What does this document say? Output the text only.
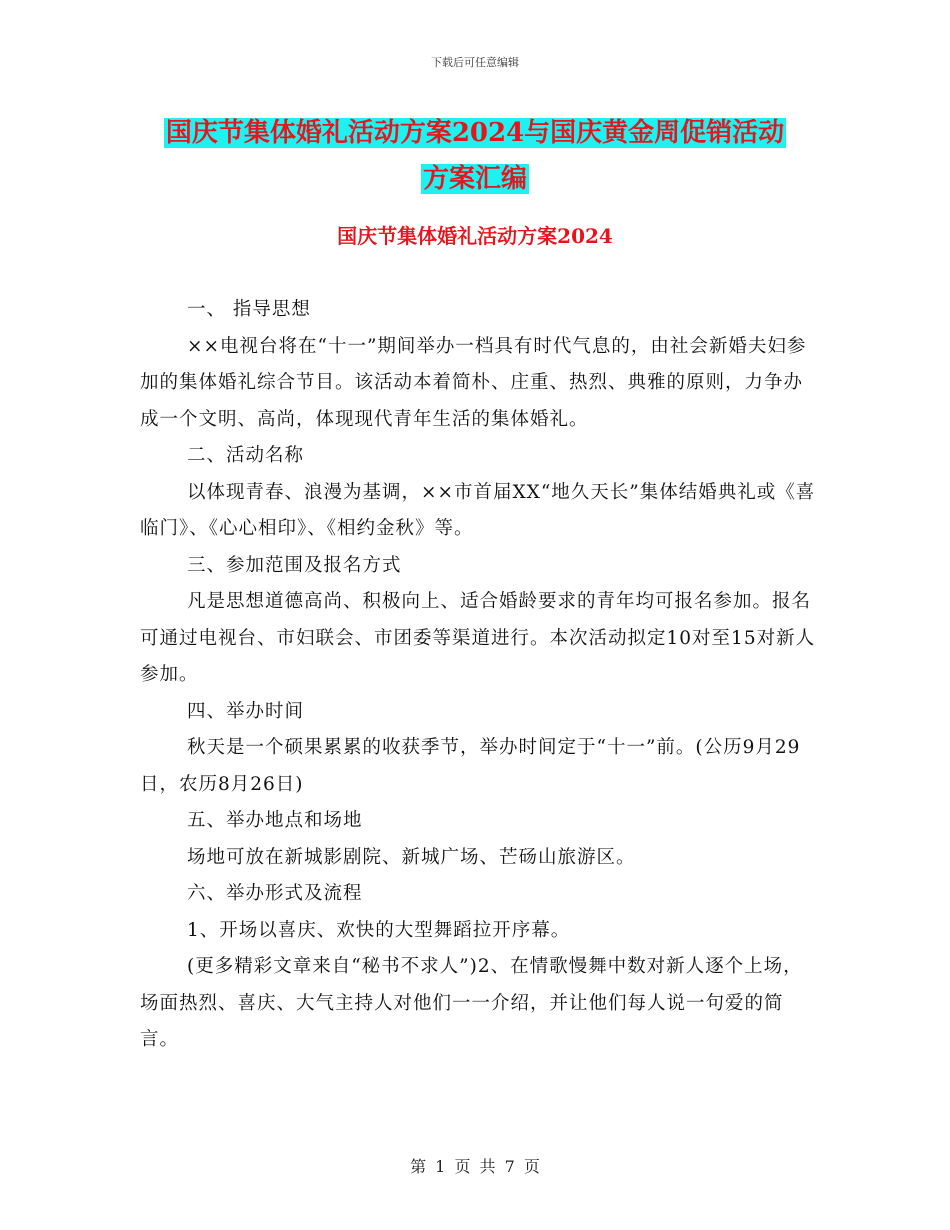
下载后可任意编辑
国庆节集体婚礼活动方案2024与国庆黄金周促销活动
方案汇编
国庆节集体婚礼活动方案2024

一、 指导思想

××电视台将在“十一”期间举办一档具有时代气息的，由社会新婚夫妇参加的集体婚礼综合节目。该活动本着简朴、庄重、热烈、典雅的原则，力争办成一个文明、高尚，体现现代青年生活的集体婚礼。

二、活动名称

以体现青春、浪漫为基调，××市首届XX“地久天长”集体结婚典礼或《喜临门》、《心心相印》、《相约金秋》等。

三、参加范围及报名方式

凡是思想道德高尚、积极向上、适合婚龄要求的青年均可报名参加。报名可通过电视台、市妇联会、市团委等渠道进行。本次活动拟定10对至15对新人参加。

四、举办时间

秋天是一个硕果累累的收获季节，举办时间定于“十一”前。(公历9月29日，农历8月26日)

五、举办地点和场地

场地可放在新城影剧院、新城广场、芒砀山旅游区。

六、举办形式及流程

1、开场以喜庆、欢快的大型舞蹈拉开序幕。

(更多精彩文章来自“秘书不求人”)2、在情歌慢舞中数对新人逐个上场，场面热烈、喜庆、大气主持人对他们一一介绍，并让他们每人说一句爱的简言。

第 1 页 共 7 页
